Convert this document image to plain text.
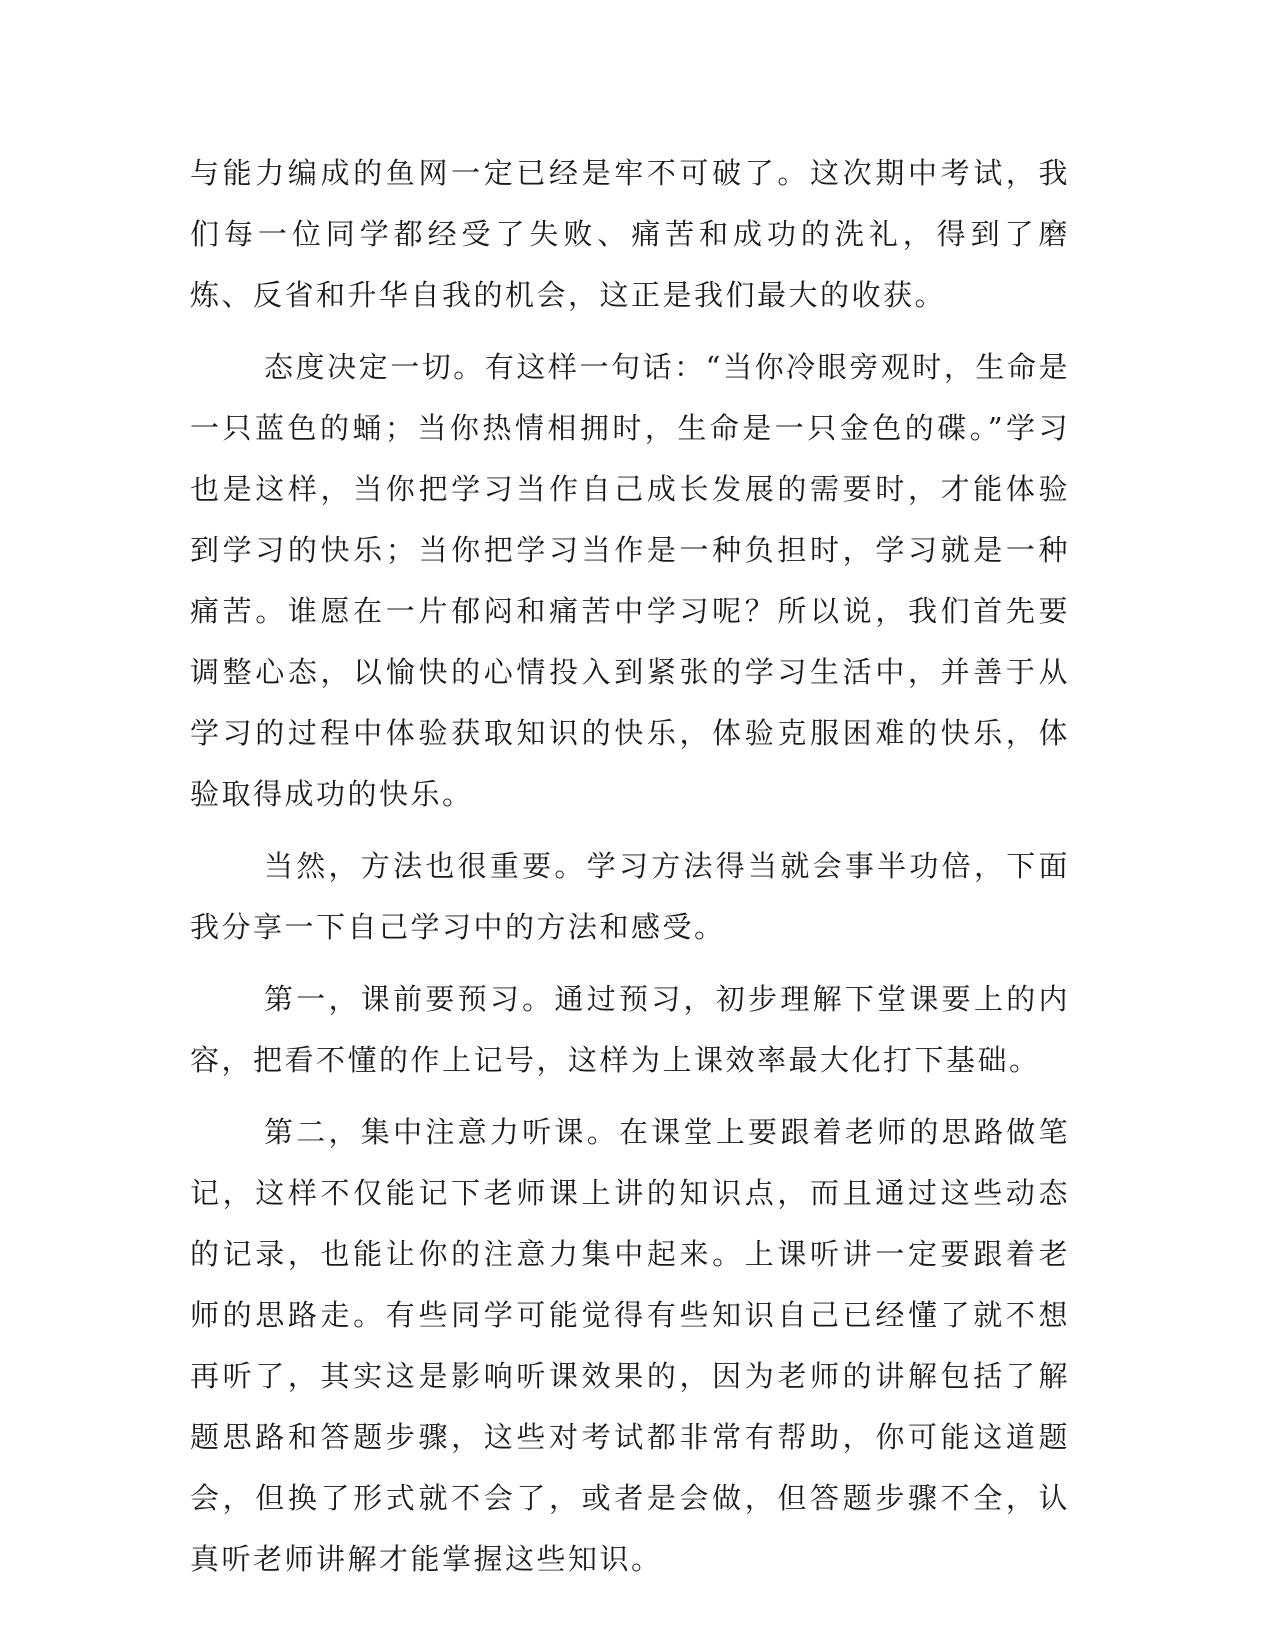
与能力编成的鱼网一定已经是牢不可破了。这次期中考试，我们每一位同学都经受了失败、痛苦和成功的洗礼，得到了磨炼、反省和升华自我的机会，这正是我们最大的收获。

态度决定一切。有这样一句话：“当你冷眼旁观时，生命是一只蓝色的蛹；当你热情相拥时，生命是一只金色的碟。”学习也是这样，当你把学习当作自己成长发展的需要时，才能体验到学习的快乐；当你把学习当作是一种负担时，学习就是一种痛苦。谁愿在一片郁闷和痛苦中学习呢？所以说，我们首先要调整心态，以愉快的心情投入到紧张的学习生活中，并善于从学习的过程中体验获取知识的快乐，体验克服困难的快乐，体验取得成功的快乐。

当然，方法也很重要。学习方法得当就会事半功倍，下面我分享一下自己学习中的方法和感受。

第一，课前要预习。通过预习，初步理解下堂课要上的内容，把看不懂的作上记号，这样为上课效率最大化打下基础。

第二，集中注意力听课。在课堂上要跟着老师的思路做笔记，这样不仅能记下老师课上讲的知识点，而且通过这些动态的记录，也能让你的注意力集中起来。上课听讲一定要跟着老师的思路走。有些同学可能觉得有些知识自己已经懂了就不想再听了，其实这是影响听课效果的，因为老师的讲解包括了解题思路和答题步骤，这些对考试都非常有帮助，你可能这道题会，但换了形式就不会了，或者是会做，但答题步骤不全，认真听老师讲解才能掌握这些知识。
